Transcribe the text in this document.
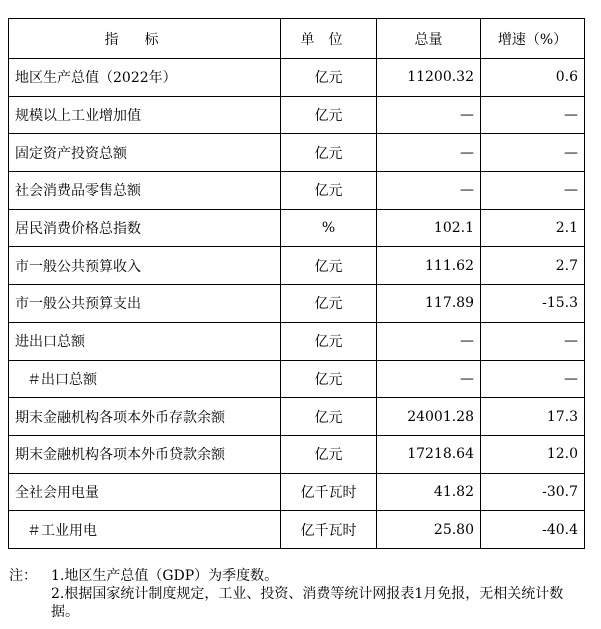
指标	单位	总量	增速（%）
地区生产总值（2022年）	亿元	11200.32	0.6
规模以上工业增加值	亿元	—	—
固定资产投资总额	亿元	—	—
社会消费品零售总额	亿元	—	—
居民消费价格总指数	%	102.1	2.1
市一般公共预算收入	亿元	111.62	2.7
市一般公共预算支出	亿元	117.89	-15.3
进出口总额	亿元	—	—
＃出口总额	亿元	—	—
期末金融机构各项本外币存款余额	亿元	24001.28	17.3
期末金融机构各项本外币贷款余额	亿元	17218.64	12.0
全社会用电量	亿千瓦时	41.82	-30.7
＃工业用电	亿千瓦时	25.80	-40.4
注：	1.地区生产总值（GDP）为季度数。
2.根据国家统计制度规定，工业、投资、消费等统计网报表1月免报，无相关统计数据。
